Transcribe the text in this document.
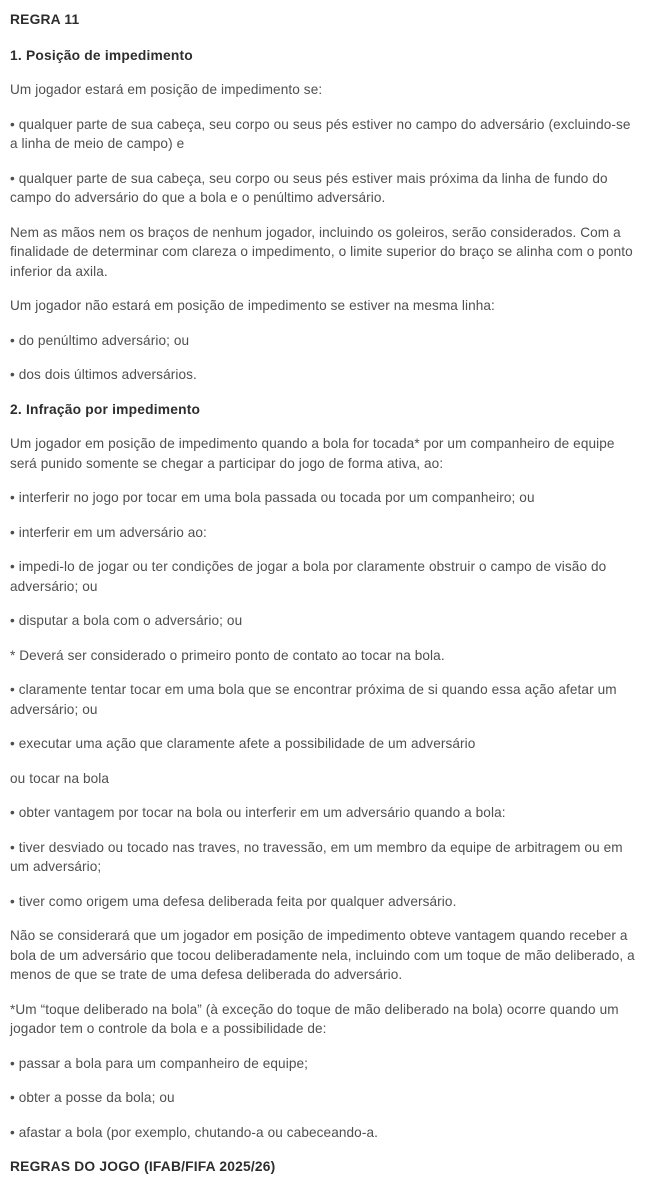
REGRA 11

1. Posição de impedimento

Um jogador estará em posição de impedimento se:

• qualquer parte de sua cabeça, seu corpo ou seus pés estiver no campo do adversário (excluindo-se a linha de meio de campo) e

• qualquer parte de sua cabeça, seu corpo ou seus pés estiver mais próxima da linha de fundo do campo do adversário do que a bola e o penúltimo adversário.

Nem as mãos nem os braços de nenhum jogador, incluindo os goleiros, serão considerados. Com a finalidade de determinar com clareza o impedimento, o limite superior do braço se alinha com o ponto inferior da axila.

Um jogador não estará em posição de impedimento se estiver na mesma linha:

• do penúltimo adversário; ou

• dos dois últimos adversários.

2. Infração por impedimento

Um jogador em posição de impedimento quando a bola for tocada* por um companheiro de equipe será punido somente se chegar a participar do jogo de forma ativa, ao:

• interferir no jogo por tocar em uma bola passada ou tocada por um companheiro; ou

• interferir em um adversário ao:

• impedi-lo de jogar ou ter condições de jogar a bola por claramente obstruir o campo de visão do adversário; ou

• disputar a bola com o adversário; ou

* Deverá ser considerado o primeiro ponto de contato ao tocar na bola.

• claramente tentar tocar em uma bola que se encontrar próxima de si quando essa ação afetar um adversário; ou

• executar uma ação que claramente afete a possibilidade de um adversário

ou tocar na bola

• obter vantagem por tocar na bola ou interferir em um adversário quando a bola:

• tiver desviado ou tocado nas traves, no travessão, em um membro da equipe de arbitragem ou em um adversário;

• tiver como origem uma defesa deliberada feita por qualquer adversário.

Não se considerará que um jogador em posição de impedimento obteve vantagem quando receber a bola de um adversário que tocou deliberadamente nela, incluindo com um toque de mão deliberado, a menos de que se trate de uma defesa deliberada do adversário.

*Um “toque deliberado na bola” (à exceção do toque de mão deliberado na bola) ocorre quando um jogador tem o controle da bola e a possibilidade de:

• passar a bola para um companheiro de equipe;

• obter a posse da bola; ou

• afastar a bola (por exemplo, chutando-a ou cabeceando-a.

REGRAS DO JOGO (IFAB/FIFA 2025/26)
